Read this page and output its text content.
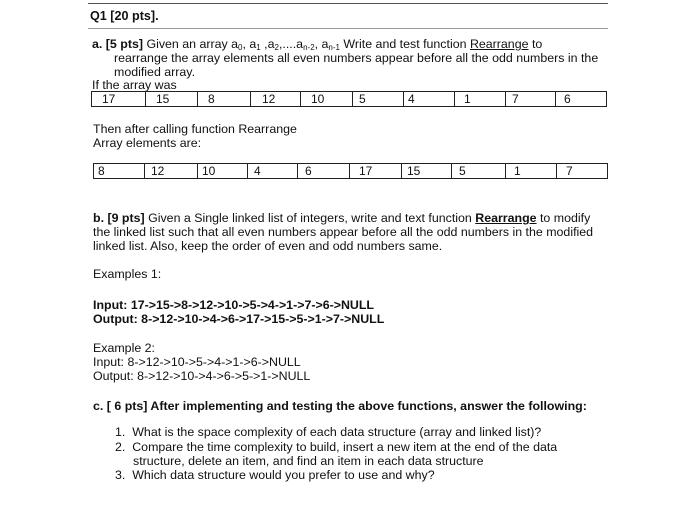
Q1 [20 pts].
a. [5 pts] Given an array $a_0$, $a_1$ $,a_2,....a_{n-2}$, $a_{n-1}$ Write and test function Rearrange to
rearrange the array elements all even numbers appear before all the odd numbers in the
modified array.
If the array was
17	15	8	12	10	5	4	1	7	6
Then after calling function Rearrange
Array elements are:
8	12	10	4	6	17	15	5	1	7
b. [9 pts] Given a Single linked list of integers, write and text function Rearrange to modify
the linked list such that all even numbers appear before all the odd numbers in the modified
linked list. Also, keep the order of even and odd numbers same.
Examples 1:
Input: 17->15->8->12->10->5->4->1->7->6->NULL
Output: 8->12->10->4->6->17->15->5->1->7->NULL
Example 2:
Input: 8->12->10->5->4->1->6->NULL
Output: 8->12->10->4->6->5->1->NULL
c. [ 6 pts] After implementing and testing the above functions, answer the following:
1. What is the space complexity of each data structure (array and linked list)?
2. Compare the time complexity to build, insert a new item at the end of the data
structure, delete an item, and find an item in each data structure
3. Which data structure would you prefer to use and why?
